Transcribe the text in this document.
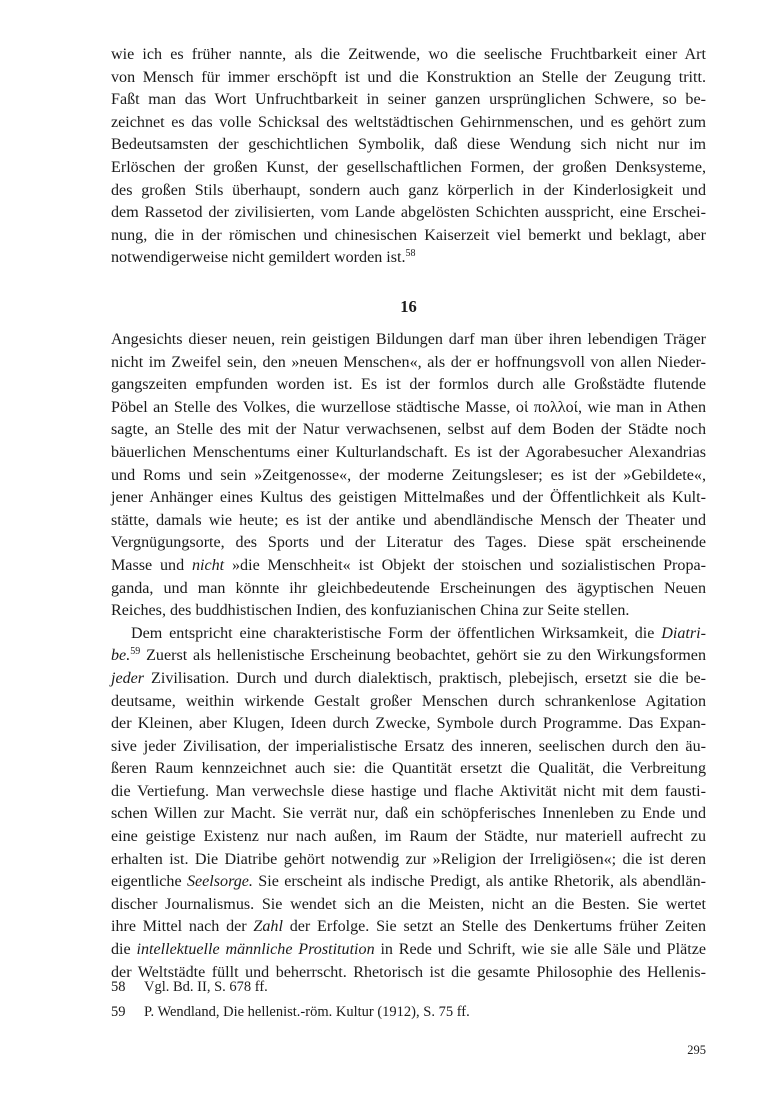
wie ich es früher nannte, als die Zeitwende, wo die seelische Fruchtbarkeit einer Art
von Mensch für immer erschöpft ist und die Konstruktion an Stelle der Zeugung tritt.
Faßt man das Wort Unfruchtbarkeit in seiner ganzen ursprünglichen Schwere, so be-
zeichnet es das volle Schicksal des weltstädtischen Gehirnmenschen, und es gehört zum
Bedeutsamsten der geschichtlichen Symbolik, daß diese Wendung sich nicht nur im
Erlöschen der großen Kunst, der gesellschaftlichen Formen, der großen Denksysteme,
des großen Stils überhaupt, sondern auch ganz körperlich in der Kinderlosigkeit und
dem Rassetod der zivilisierten, vom Lande abgelösten Schichten ausspricht, eine Erschei-
nung, die in der römischen und chinesischen Kaiserzeit viel bemerkt und beklagt, aber
notwendigerweise nicht gemildert worden ist.$^{58}$
16
Angesichts dieser neuen, rein geistigen Bildungen darf man über ihren lebendigen Träger
nicht im Zweifel sein, den »neuen Menschen«, als der er hoffnungsvoll von allen Nieder-
gangszeiten empfunden worden ist. Es ist der formlos durch alle Großstädte flutende
Pöbel an Stelle des Volkes, die wurzellose städtische Masse, οἱ πολλοί, wie man in Athen
sagte, an Stelle des mit der Natur verwachsenen, selbst auf dem Boden der Städte noch
bäuerlichen Menschentums einer Kulturlandschaft. Es ist der Agorabesucher Alexandrias
und Roms und sein »Zeitgenosse«, der moderne Zeitungsleser; es ist der »Gebildete«,
jener Anhänger eines Kultus des geistigen Mittelmaßes und der Öffentlichkeit als Kult-
stätte, damals wie heute; es ist der antike und abendländische Mensch der Theater und
Vergnügungsorte, des Sports und der Literatur des Tages. Diese spät erscheinende
Masse und nicht »die Menschheit« ist Objekt der stoischen und sozialistischen Propa-
ganda, und man könnte ihr gleichbedeutende Erscheinungen des ägyptischen Neuen
Reiches, des buddhistischen Indien, des konfuzianischen China zur Seite stellen.
Dem entspricht eine charakteristische Form der öffentlichen Wirksamkeit, die Diatri-
be.$^{59}$ Zuerst als hellenistische Erscheinung beobachtet, gehört sie zu den Wirkungsformen
jeder Zivilisation. Durch und durch dialektisch, praktisch, plebejisch, ersetzt sie die be-
deutsame, weithin wirkende Gestalt großer Menschen durch schrankenlose Agitation
der Kleinen, aber Klugen, Ideen durch Zwecke, Symbole durch Programme. Das Expan-
sive jeder Zivilisation, der imperialistische Ersatz des inneren, seelischen durch den äu-
ßeren Raum kennzeichnet auch sie: die Quantität ersetzt die Qualität, die Verbreitung
die Vertiefung. Man verwechsle diese hastige und flache Aktivität nicht mit dem fausti-
schen Willen zur Macht. Sie verrät nur, daß ein schöpferisches Innenleben zu Ende und
eine geistige Existenz nur nach außen, im Raum der Städte, nur materiell aufrecht zu
erhalten ist. Die Diatribe gehört notwendig zur »Religion der Irreligiösen«; die ist deren
eigentliche Seelsorge. Sie erscheint als indische Predigt, als antike Rhetorik, als abendlän-
discher Journalismus. Sie wendet sich an die Meisten, nicht an die Besten. Sie wertet
ihre Mittel nach der Zahl der Erfolge. Sie setzt an Stelle des Denkertums früher Zeiten
die intellektuelle männliche Prostitution in Rede und Schrift, wie sie alle Säle und Plätze
der Weltstädte füllt und beherrscht. Rhetorisch ist die gesamte Philosophie des Hellenis-
58 Vgl. Bd. II, S. 678 ff.
59 P. Wendland, Die hellenist.-röm. Kultur (1912), S. 75 ff.
295
